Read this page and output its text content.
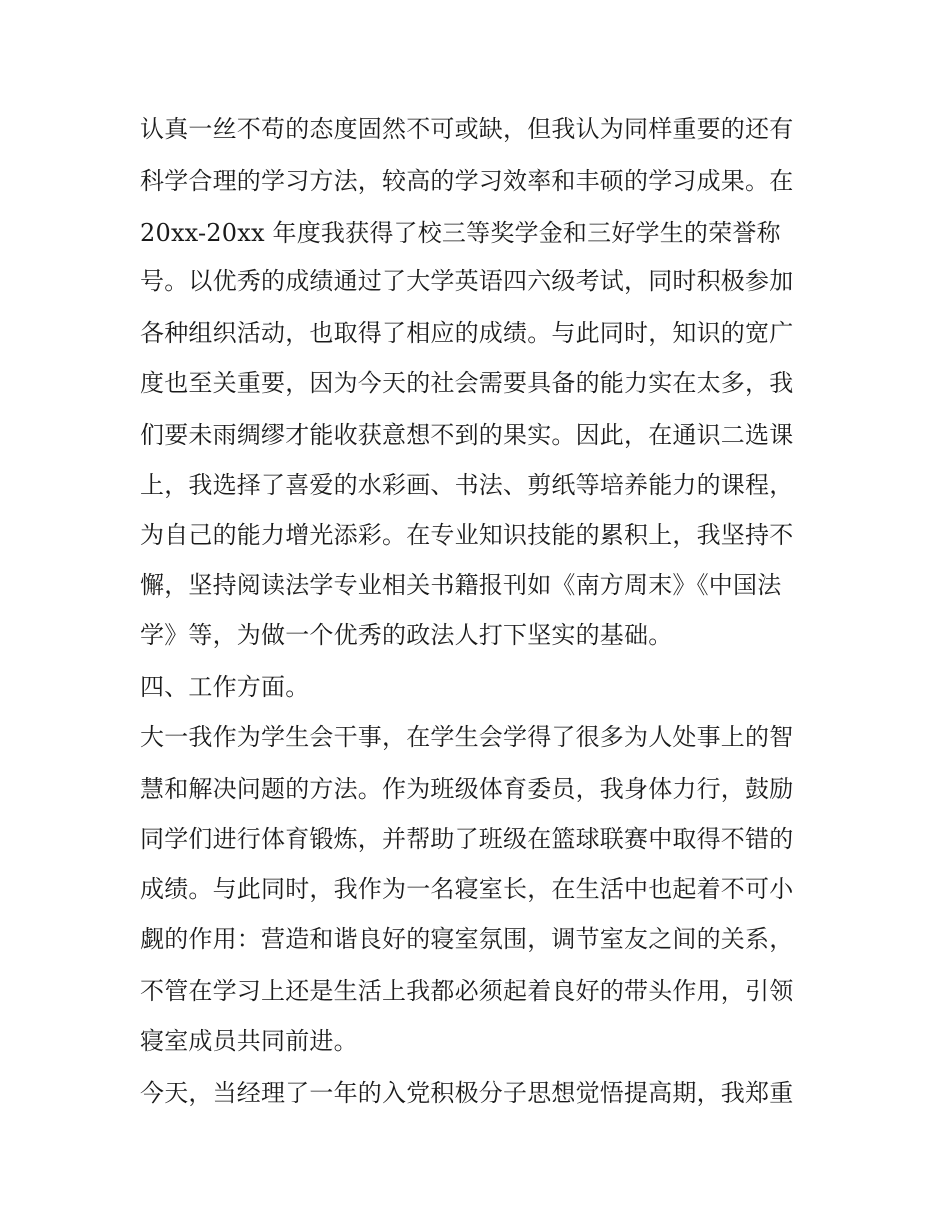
认真一丝不苟的态度固然不可或缺，但我认为同样重要的还有
科学合理的学习方法，较高的学习效率和丰硕的学习成果。在
20xx-20xx 年度我获得了校三等奖学金和三好学生的荣誉称
号。以优秀的成绩通过了大学英语四六级考试，同时积极参加
各种组织活动，也取得了相应的成绩。与此同时，知识的宽广
度也至关重要，因为今天的社会需要具备的能力实在太多，我
们要未雨绸缪才能收获意想不到的果实。因此，在通识二选课
上，我选择了喜爱的水彩画、书法、剪纸等培养能力的课程，
为自己的能力增光添彩。在专业知识技能的累积上，我坚持不
懈，坚持阅读法学专业相关书籍报刊如《南方周末》《中国法
学》等，为做一个优秀的政法人打下坚实的基础。
四、工作方面。
大一我作为学生会干事，在学生会学得了很多为人处事上的智
慧和解决问题的方法。作为班级体育委员，我身体力行，鼓励
同学们进行体育锻炼，并帮助了班级在篮球联赛中取得不错的
成绩。与此同时，我作为一名寝室长，在生活中也起着不可小
觑的作用：营造和谐良好的寝室氛围，调节室友之间的关系，
不管在学习上还是生活上我都必须起着良好的带头作用，引领
寝室成员共同前进。
今天，当经理了一年的入党积极分子思想觉悟提高期，我郑重
